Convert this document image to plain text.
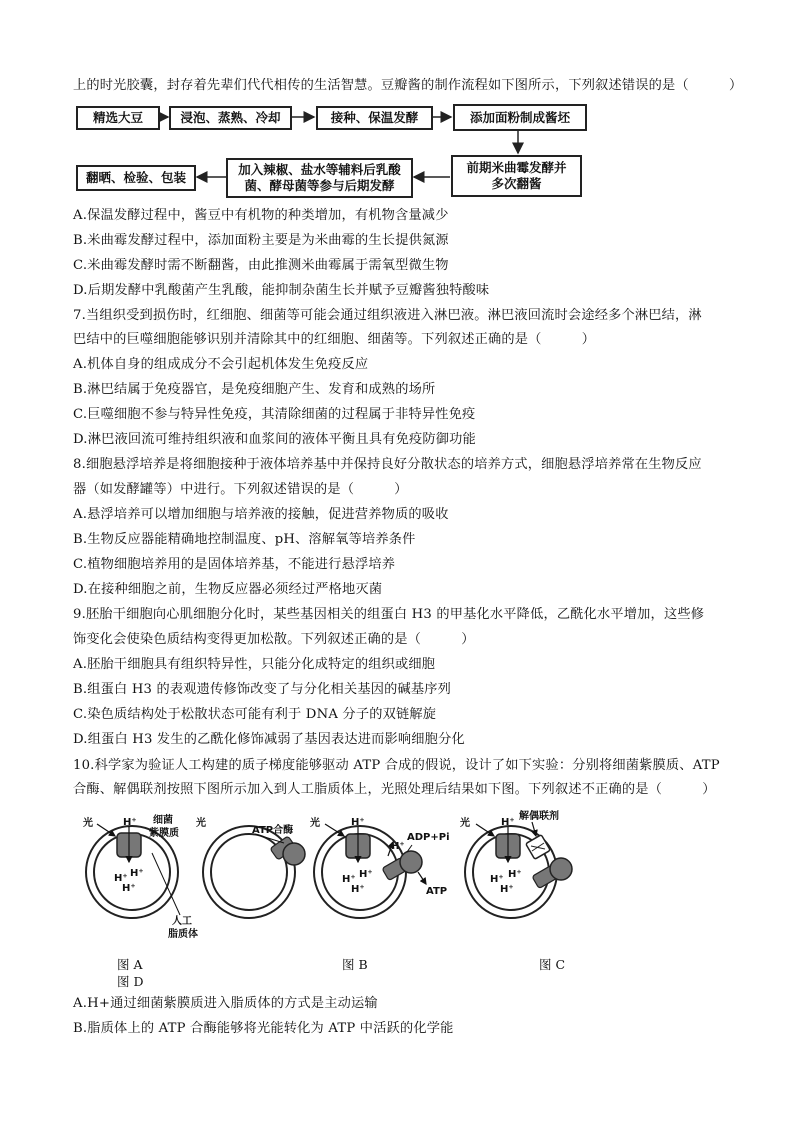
上的时光胶囊，封存着先辈们代代相传的生活智慧。豆瓣酱的制作流程如下图所示，下列叙述错误的是（　　　）
精选大豆	浸泡、蒸熟、冷却	接种、保温发酵	添加面粉制成酱坯
前期米曲霉发酵并
多次翻酱
加入辣椒、盐水等辅料后乳酸
菌、酵母菌等参与后期发酵
翻晒、检验、包装
A.保温发酵过程中，酱豆中有机物的种类增加，有机物含量减少
B.米曲霉发酵过程中，添加面粉主要是为米曲霉的生长提供氮源
C.米曲霉发酵时需不断翻酱，由此推测米曲霉属于需氧型微生物
D.后期发酵中乳酸菌产生乳酸，能抑制杂菌生长并赋予豆瓣酱独特酸味
7.当组织受到损伤时，红细胞、细菌等可能会通过组织液进入淋巴液。淋巴液回流时会途经多个淋巴结，淋
巴结中的巨噬细胞能够识别并清除其中的红细胞、细菌等。下列叙述正确的是（　　　）
A.机体自身的组成成分不会引起机体发生免疫反应
B.淋巴结属于免疫器官，是免疫细胞产生、发育和成熟的场所
C.巨噬细胞不参与特异性免疫，其清除细菌的过程属于非特异性免疫
D.淋巴液回流可维持组织液和血浆间的液体平衡且具有免疫防御功能
8.细胞悬浮培养是将细胞接种于液体培养基中并保持良好分散状态的培养方式，细胞悬浮培养常在生物反应
器（如发酵罐等）中进行。下列叙述错误的是（　　　）
A.悬浮培养可以增加细胞与培养液的接触，促进营养物质的吸收
B.生物反应器能精确地控制温度、pH、溶解氧等培养条件
C.植物细胞培养用的是固体培养基，不能进行悬浮培养
D.在接种细胞之前，生物反应器必须经过严格地灭菌
9.胚胎干细胞向心肌细胞分化时，某些基因相关的组蛋白 H3 的甲基化水平降低，乙酰化水平增加，这些修
饰变化会使染色质结构变得更加松散。下列叙述正确的是（　　　）
A.胚胎干细胞具有组织特异性，只能分化成特定的组织或细胞
B.组蛋白 H3 的表观遗传修饰改变了与分化相关基因的碱基序列
C.染色质结构处于松散状态可能有利于 DNA 分子的双链解旋
D.组蛋白 H3 发生的乙酰化修饰减弱了基因表达进而影响细胞分化
10.科学家为验证人工构建的质子梯度能够驱动 ATP 合成的假说，设计了如下实验：分别将细菌紫膜质、ATP
合酶、解偶联剂按照下图所示加入到人工脂质体上，光照处理后结果如下图。下列叙述不正确的是（　　　）
光	H⁺ 细菌
紫膜质
H⁺
H⁺
H⁺
人工
脂质体
光
ATP合酶
光	H⁺
H⁺
ADP+Pi
ATP
H⁺ H⁺
H⁺
光	H⁺
解偶联剂
H⁺ H⁺
H⁺
图 A	图 B	图 C
图 D
A.H+通过细菌紫膜质进入脂质体的方式是主动运输
B.脂质体上的 ATP 合酶能够将光能转化为 ATP 中活跃的化学能
